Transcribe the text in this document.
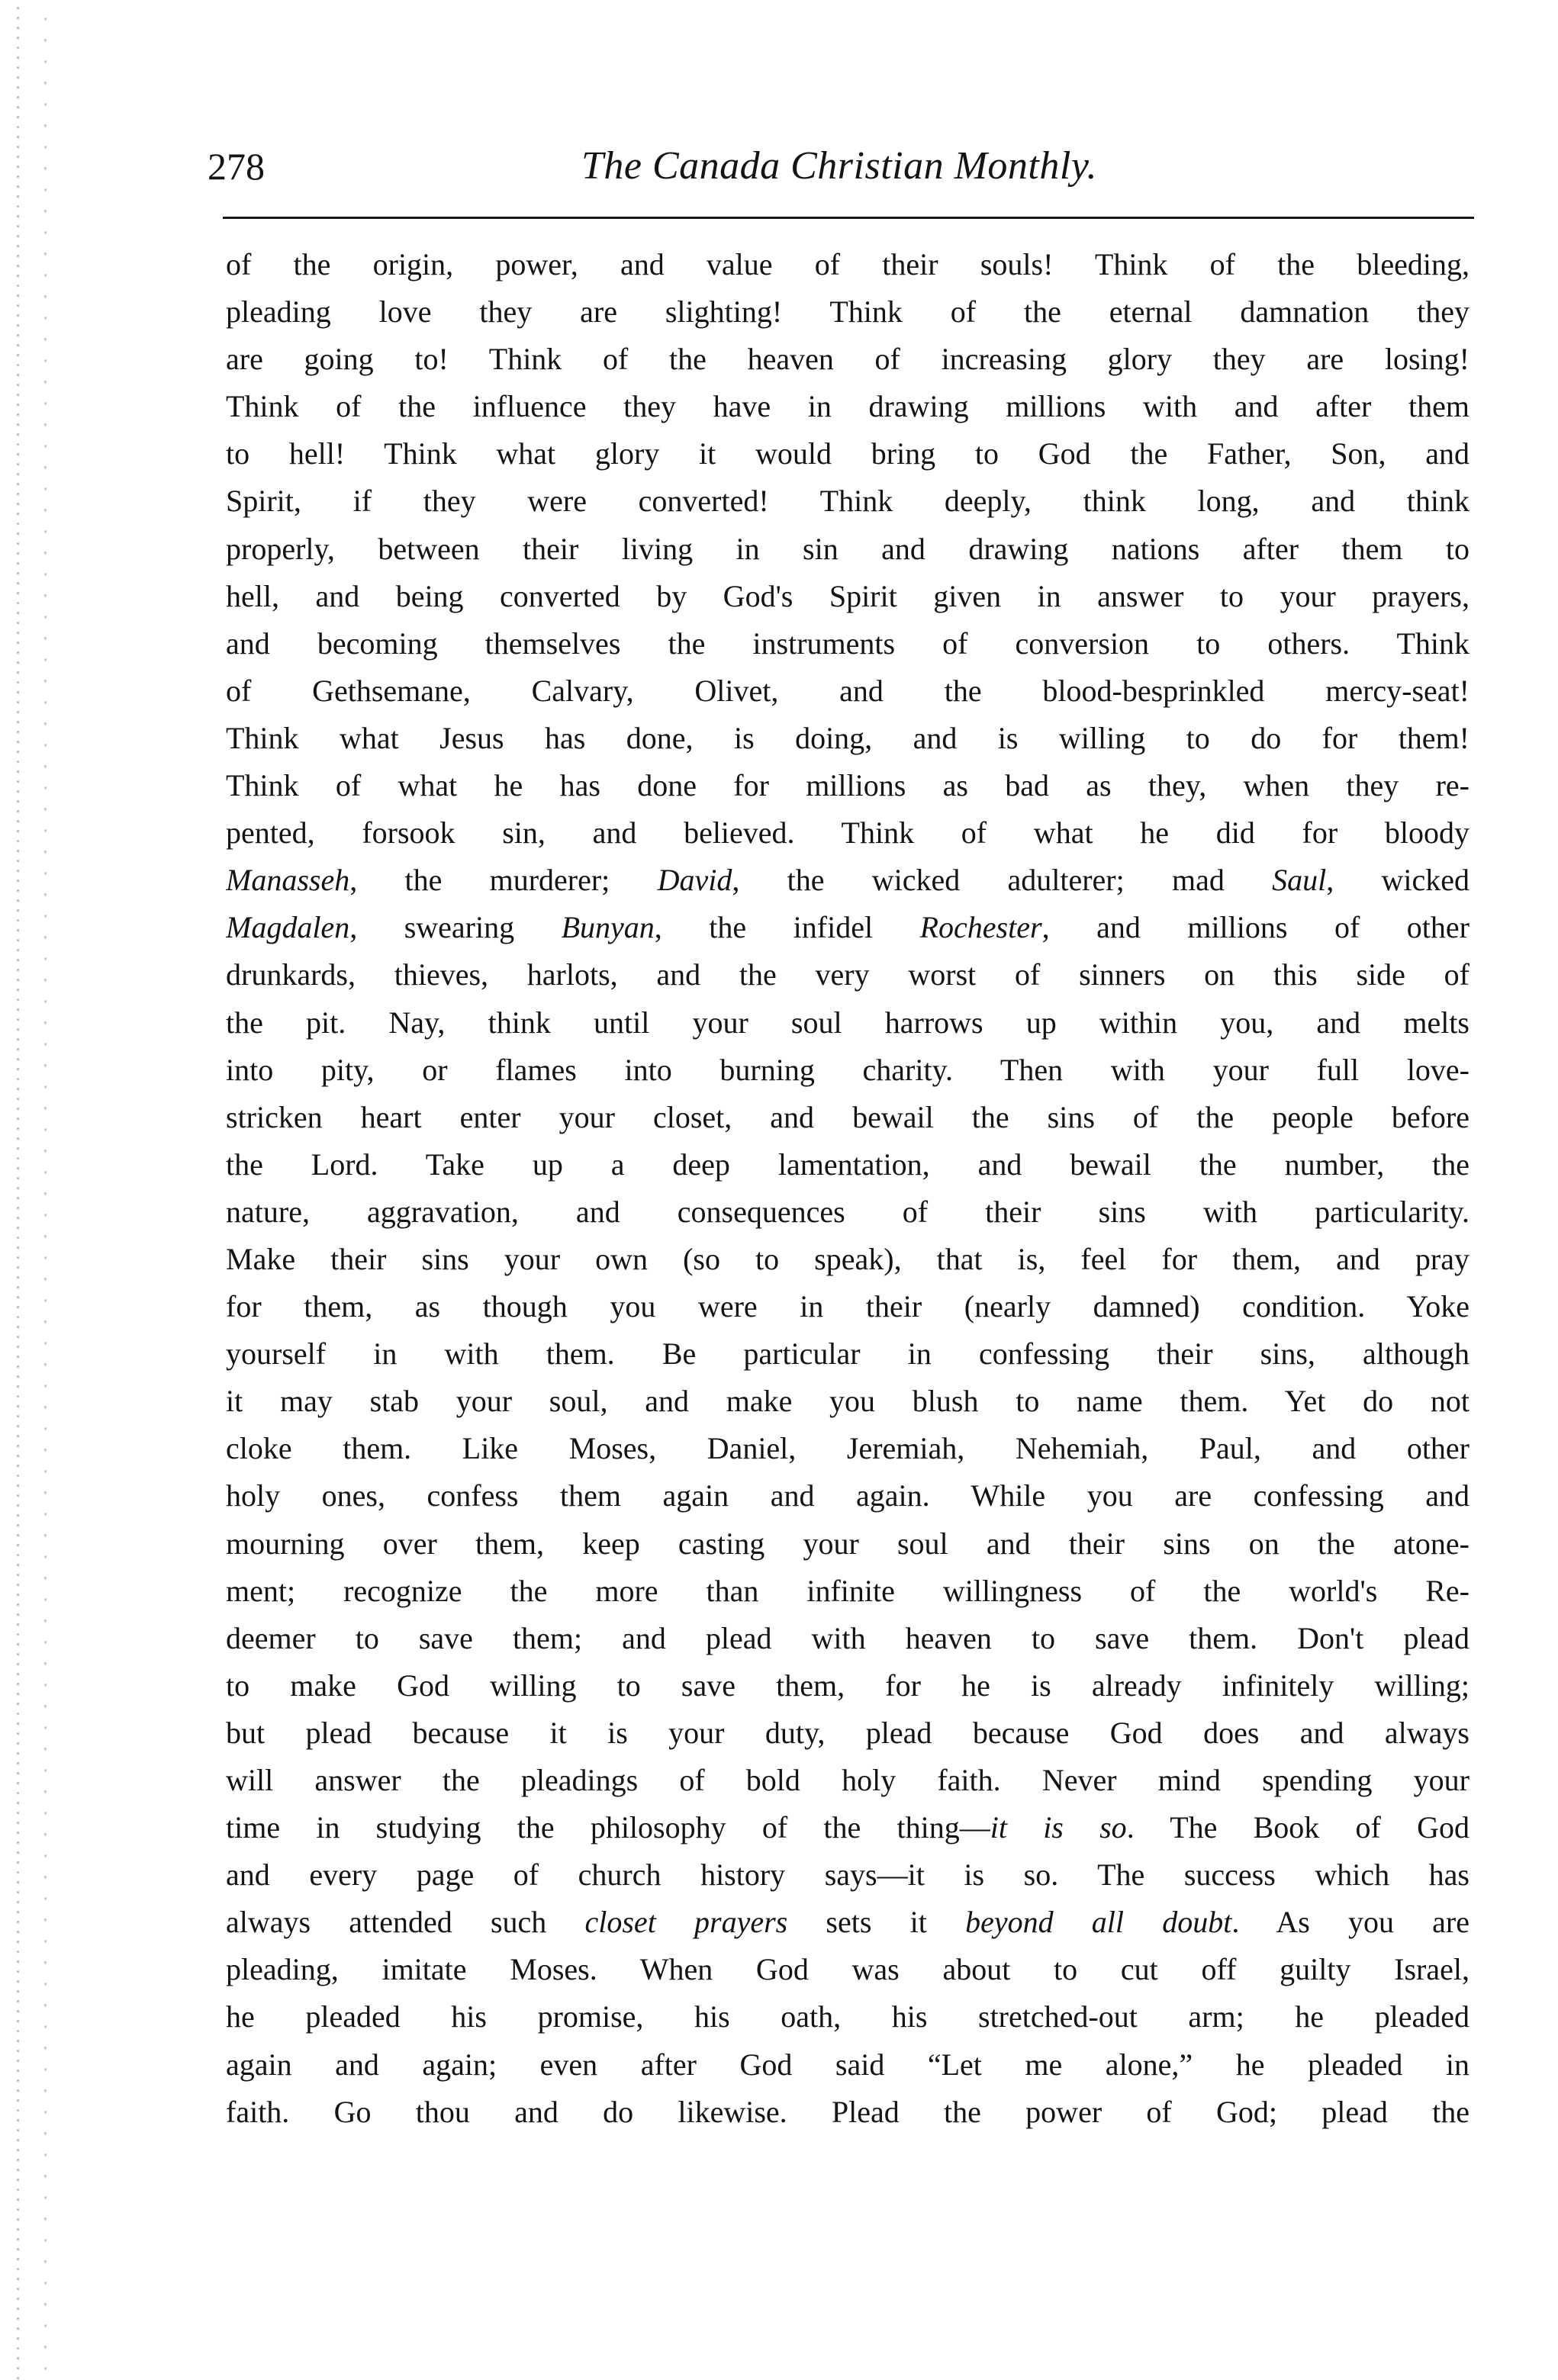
278	The Canada Christian Monthly.
of the origin, power, and value of their souls! Think of the bleeding,
pleading love they are slighting! Think of the eternal damnation they
are going to! Think of the heaven of increasing glory they are losing!
Think of the influence they have in drawing millions with and after them
to hell! Think what glory it would bring to God the Father, Son, and
Spirit, if they were converted! Think deeply, think long, and think
properly, between their living in sin and drawing nations after them to
hell, and being converted by God's Spirit given in answer to your prayers,
and becoming themselves the instruments of conversion to others. Think
of Gethsemane, Calvary, Olivet, and the blood-besprinkled mercy-seat!
Think what Jesus has done, is doing, and is willing to do for them!
Think of what he has done for millions as bad as they, when they re-
pented, forsook sin, and believed. Think of what he did for bloody
Manasseh, the murderer; David, the wicked adulterer; mad Saul, wicked
Magdalen, swearing Bunyan, the infidel Rochester, and millions of other
drunkards, thieves, harlots, and the very worst of sinners on this side of
the pit. Nay, think until your soul harrows up within you, and melts
into pity, or flames into burning charity. Then with your full love-
stricken heart enter your closet, and bewail the sins of the people before
the Lord. Take up a deep lamentation, and bewail the number, the
nature, aggravation, and consequences of their sins with particularity.
Make their sins your own (so to speak), that is, feel for them, and pray
for them, as though you were in their (nearly damned) condition. Yoke
yourself in with them. Be particular in confessing their sins, although
it may stab your soul, and make you blush to name them. Yet do not
cloke them. Like Moses, Daniel, Jeremiah, Nehemiah, Paul, and other
holy ones, confess them again and again. While you are confessing and
mourning over them, keep casting your soul and their sins on the atone-
ment; recognize the more than infinite willingness of the world's Re-
deemer to save them; and plead with heaven to save them. Don't plead
to make God willing to save them, for he is already infinitely willing;
but plead because it is your duty, plead because God does and always
will answer the pleadings of bold holy faith. Never mind spending your
time in studying the philosophy of the thing—it is so. The Book of God
and every page of church history says—it is so. The success which has
always attended such closet prayers sets it beyond all doubt. As you are
pleading, imitate Moses. When God was about to cut off guilty Israel,
he pleaded his promise, his oath, his stretched-out arm; he pleaded
again and again; even after God said “Let me alone,” he pleaded in
faith. Go thou and do likewise. Plead the power of God; plead the
